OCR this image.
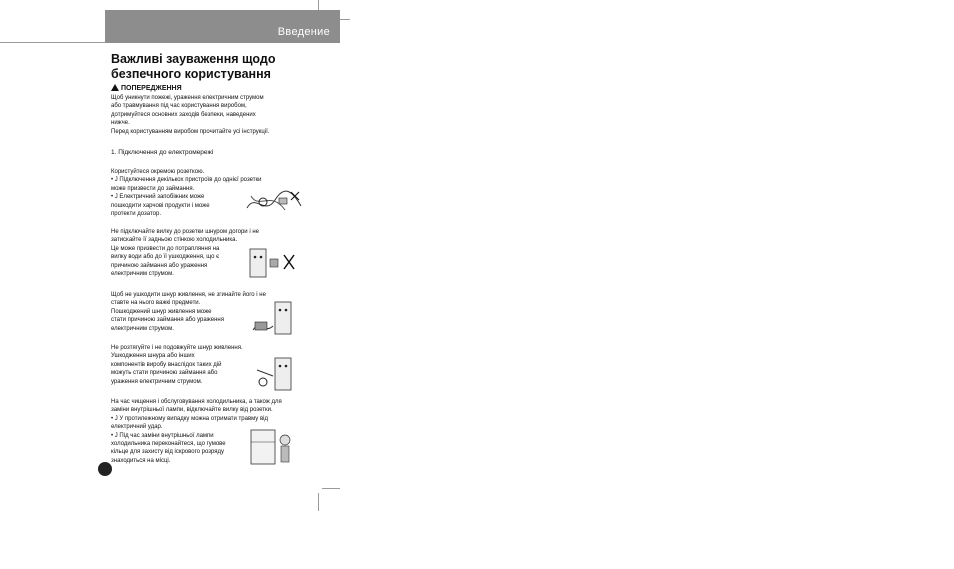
Введение
Важливі зауваження щодо
безпечного користування
ПОПЕРЕДЖЕННЯ
Щоб уникнути пожежі, ураження електричним струмом
або травмування під час користування виробом,
дотримуйтеся основних заходів безпеки, наведених
нижче.
Перед користуванням виробом прочитайте усі інструкції.
1. Підключення до електромережі
Користуйтеся окремою розеткою.
• J Підключення декількох пристроїв до однієї розетки
може призвести до займання.
• J Електричний запобіжник може
пошкодити харчові продукти і може
протекти дозатор.
Не підключайте вилку до розетки шнуром догори і не
затискайте її задньою стінкою холодильника.
Це може призвести до потрапляння на
вилку води або до її ушкодження, що є
причиною займання або ураження
електричним струмом.
Щоб не ушкодити шнур живлення, не згинайте його і не
ставте на нього важкі предмети.
Пошкоджений шнур живлення може
стати причиною займання або ураження
електричним струмом.
Не розтягуйте і не подовжуйте шнур живлення.
Ушкодження шнура або інших
компонентів виробу внаслідок таких дій
можуть стати причиною займання або
ураження електричним струмом.
На час чищення і обслуговування холодильника, а також для
заміни внутрішньої лампи, відключайте вилку від розетки.
• J У протилежному випадку можна отримати травму від
електричний удар.
• J Під час заміни внутрішньої лампи
холодильника переконайтеся, що гумове
кільце для захисту від іскрового розряду
знаходиться на місці.
